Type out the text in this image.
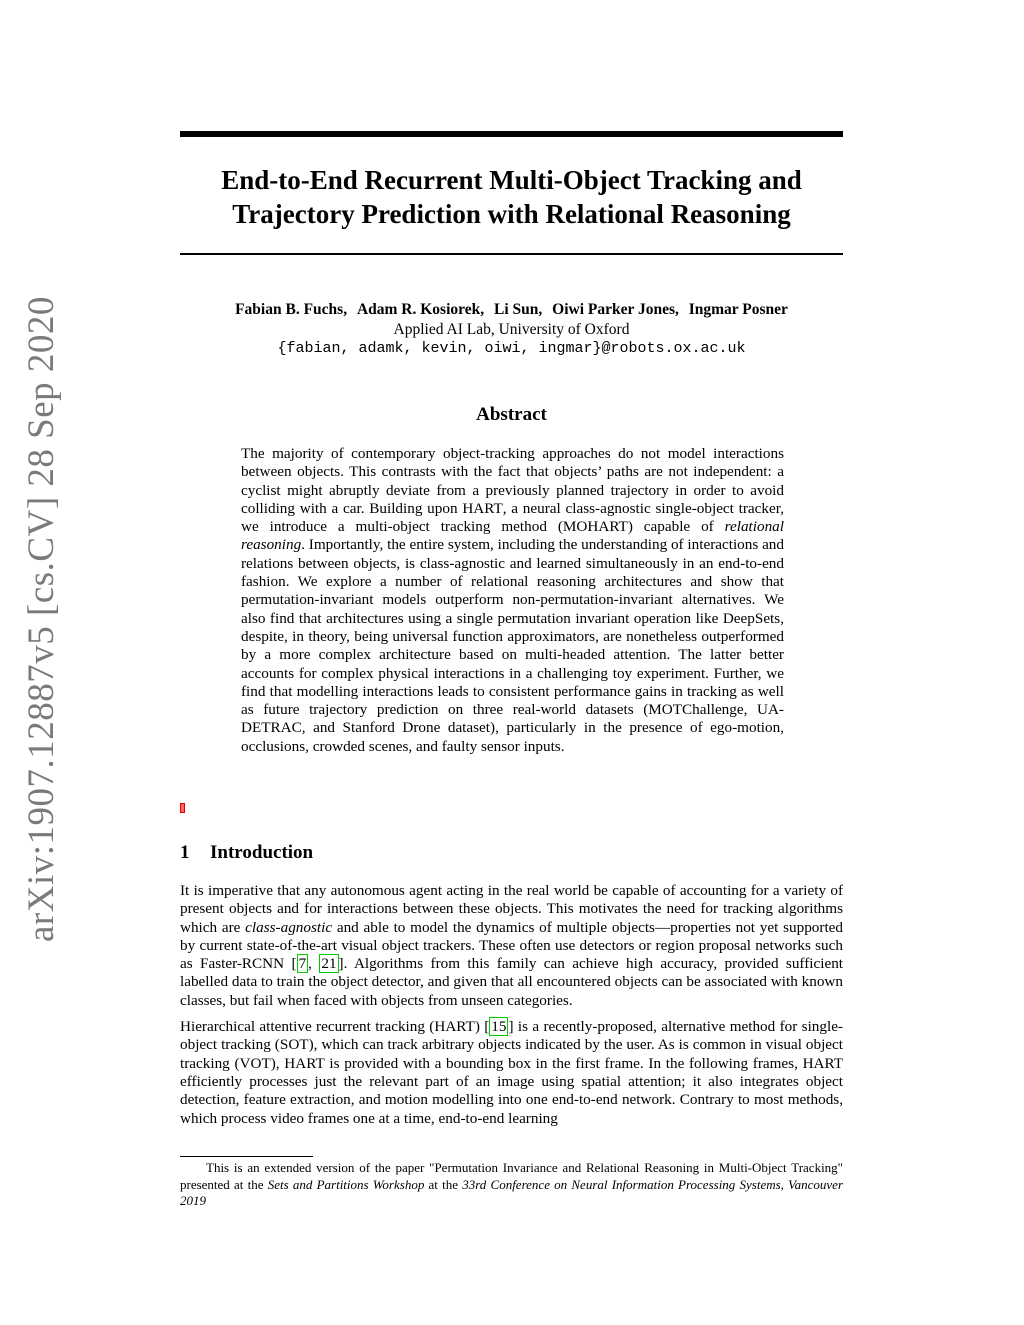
arXiv:1907.12887v5 [cs.CV] 28 Sep 2020
End-to-End Recurrent Multi-Object Tracking and
Trajectory Prediction with Relational Reasoning
Fabian B. Fuchs, Adam R. Kosiorek, Li Sun, Oiwi Parker Jones, Ingmar Posner
Applied AI Lab, University of Oxford
{fabian, adamk, kevin, oiwi, ingmar}@robots.ox.ac.uk
Abstract
The majority of contemporary object-tracking approaches do not model interactions between objects. This contrasts with the fact that objects’ paths are not independent: a cyclist might abruptly deviate from a previously planned trajectory in order to avoid colliding with a car. Building upon HART, a neural class-agnostic single-object tracker, we introduce a multi-object tracking method (MOHART) capable of relational reasoning. Importantly, the entire system, including the understanding of interactions and relations between objects, is class-agnostic and learned simultaneously in an end-to-end fashion. We explore a number of relational reasoning architectures and show that permutation-invariant models outperform non-permutation-invariant alternatives. We also find that architectures using a single permutation invariant operation like DeepSets, despite, in theory, being universal function approximators, are nonetheless outperformed by a more complex architecture based on multi-headed attention. The latter better accounts for complex physical interactions in a challenging toy experiment. Further, we find that modelling interactions leads to consistent performance gains in tracking as well as future trajectory prediction on three real-world datasets (MOTChallenge, UA-DETRAC, and Stanford Drone dataset), particularly in the presence of ego-motion, occlusions, crowded scenes, and faulty sensor inputs.
1 Introduction

It is imperative that any autonomous agent acting in the real world be capable of accounting for a variety of present objects and for interactions between these objects. This motivates the need for tracking algorithms which are class-agnostic and able to model the dynamics of multiple objects—properties not yet supported by current state-of-the-art visual object trackers. These often use detectors or region proposal networks such as Faster-RCNN [ 7 , 21 ]. Algorithms from this family can achieve high accuracy, provided sufficient labelled data to train the object detector, and given that all encountered objects can be associated with known classes, but fail when faced with objects from unseen categories.

Hierarchical attentive recurrent tracking (HART) [ 15 ] is a recently-proposed, alternative method for single-object tracking (SOT), which can track arbitrary objects indicated by the user. As is common in visual object tracking (VOT), HART is provided with a bounding box in the first frame. In the following frames, HART efficiently processes just the relevant part of an image using spatial attention; it also integrates object detection, feature extraction, and motion modelling into one end-to-end network. Contrary to most methods, which process video frames one at a time, end-to-end learning

This is an extended version of the paper "Permutation Invariance and Relational Reasoning in Multi-Object Tracking" presented at the Sets and Partitions Workshop at the 33rd Conference on Neural Information Processing Systems, Vancouver 2019
